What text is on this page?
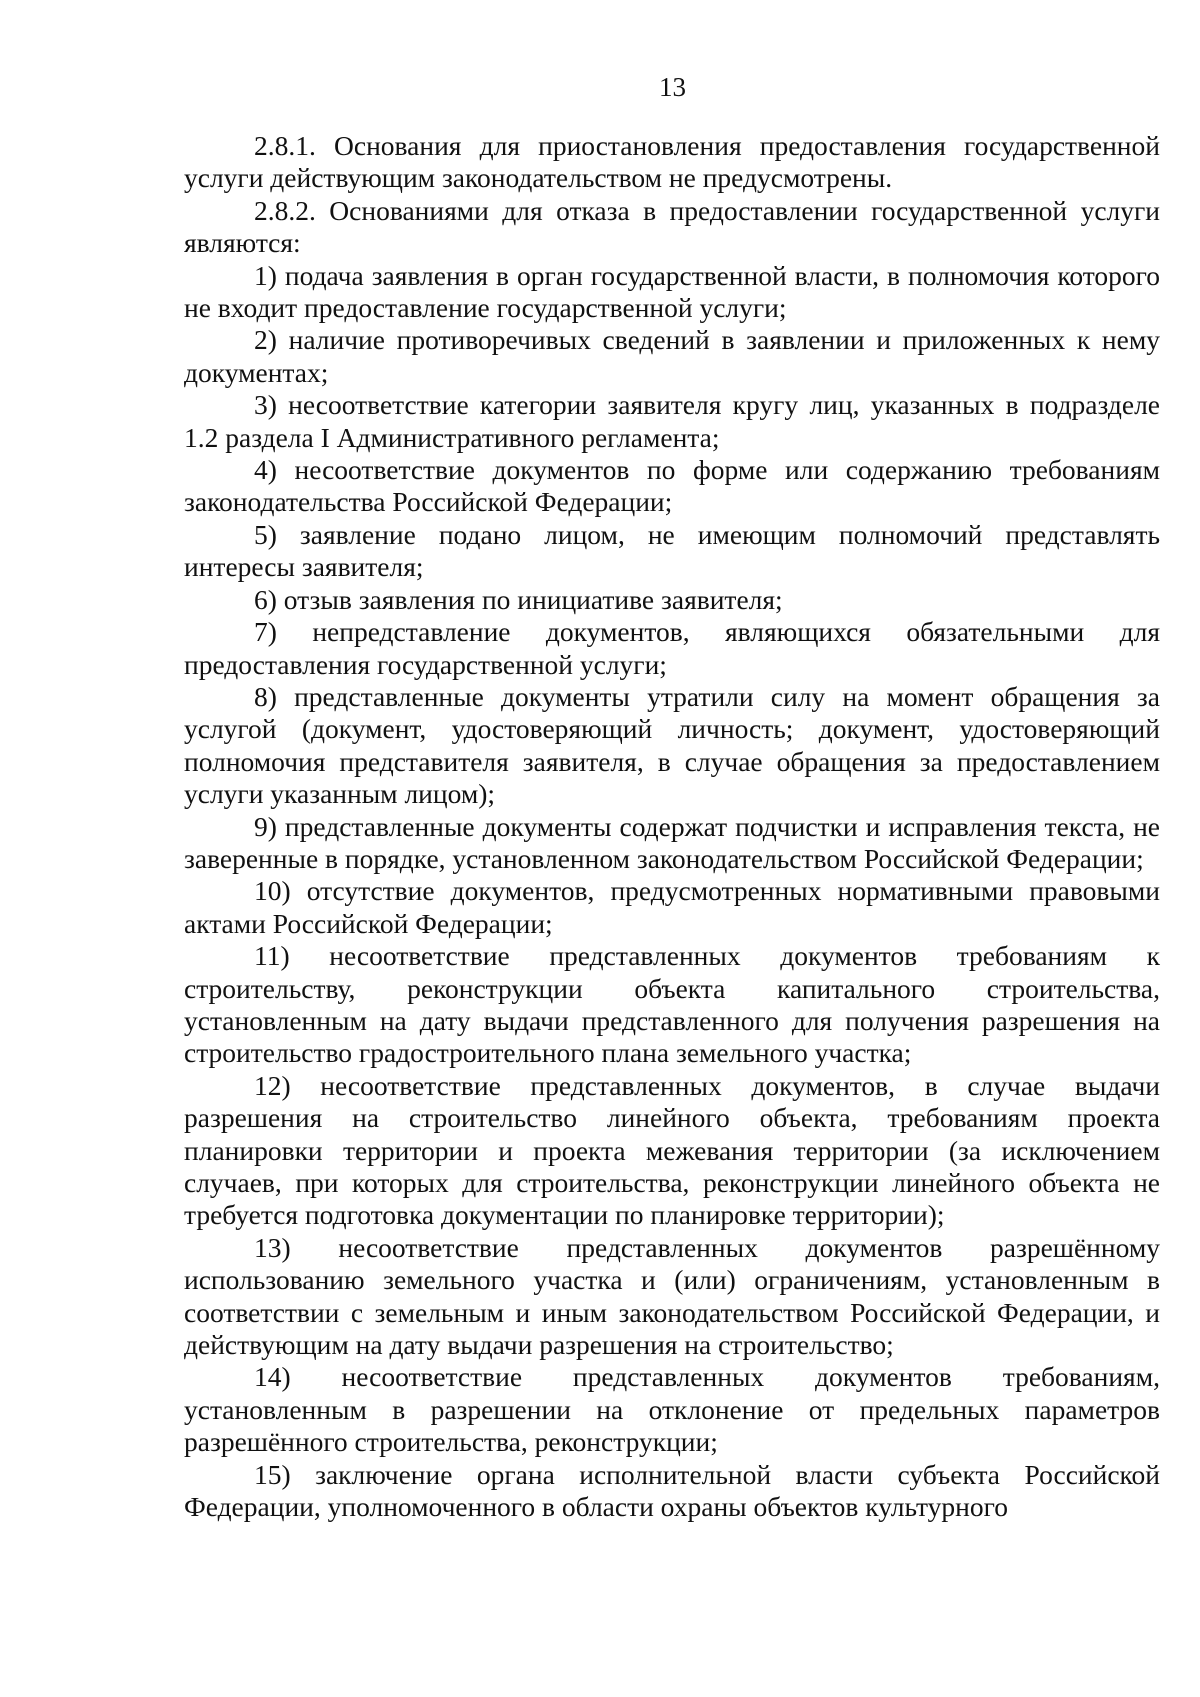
13

2.8.1. Основания для приостановления предоставления государственной услуги действующим законодательством не предусмотрены.

2.8.2. Основаниями для отказа в предоставлении государственной услуги являются:

1) подача заявления в орган государственной власти, в полномочия которого не входит предоставление государственной услуги;

2) наличие противоречивых сведений в заявлении и приложенных к нему документах;

3) несоответствие категории заявителя кругу лиц, указанных в подразделе 1.2 раздела I Административного регламента;

4) несоответствие документов по форме или содержанию требованиям законодательства Российской Федерации;

5) заявление подано лицом, не имеющим полномочий представлять интересы заявителя;

6) отзыв заявления по инициативе заявителя;

7) непредставление документов, являющихся обязательными для предоставления государственной услуги;

8) представленные документы утратили силу на момент обращения за услугой (документ, удостоверяющий личность; документ, удостоверяющий полномочия представителя заявителя, в случае обращения за предоставлением услуги указанным лицом);

9) представленные документы содержат подчистки и исправления текста, не заверенные в порядке, установленном законодательством Российской Федерации;

10) отсутствие документов, предусмотренных нормативными правовыми актами Российской Федерации;

11) несоответствие представленных документов требованиям к строительству, реконструкции объекта капитального строительства, установленным на дату выдачи представленного для получения разрешения на строительство градостроительного плана земельного участка;

12) несоответствие представленных документов, в случае выдачи разрешения на строительство линейного объекта, требованиям проекта планировки территории и проекта межевания территории (за исключением случаев, при которых для строительства, реконструкции линейного объекта не требуется подготовка документации по планировке территории);

13) несоответствие представленных документов разрешённому использованию земельного участка и (или) ограничениям, установленным в соответствии с земельным и иным законодательством Российской Федерации, и действующим на дату выдачи разрешения на строительство;

14) несоответствие представленных документов требованиям, установленным в разрешении на отклонение от предельных параметров разрешённого строительства, реконструкции;

15) заключение органа исполнительной власти субъекта Российской Федерации, уполномоченного в области охраны объектов культурного
